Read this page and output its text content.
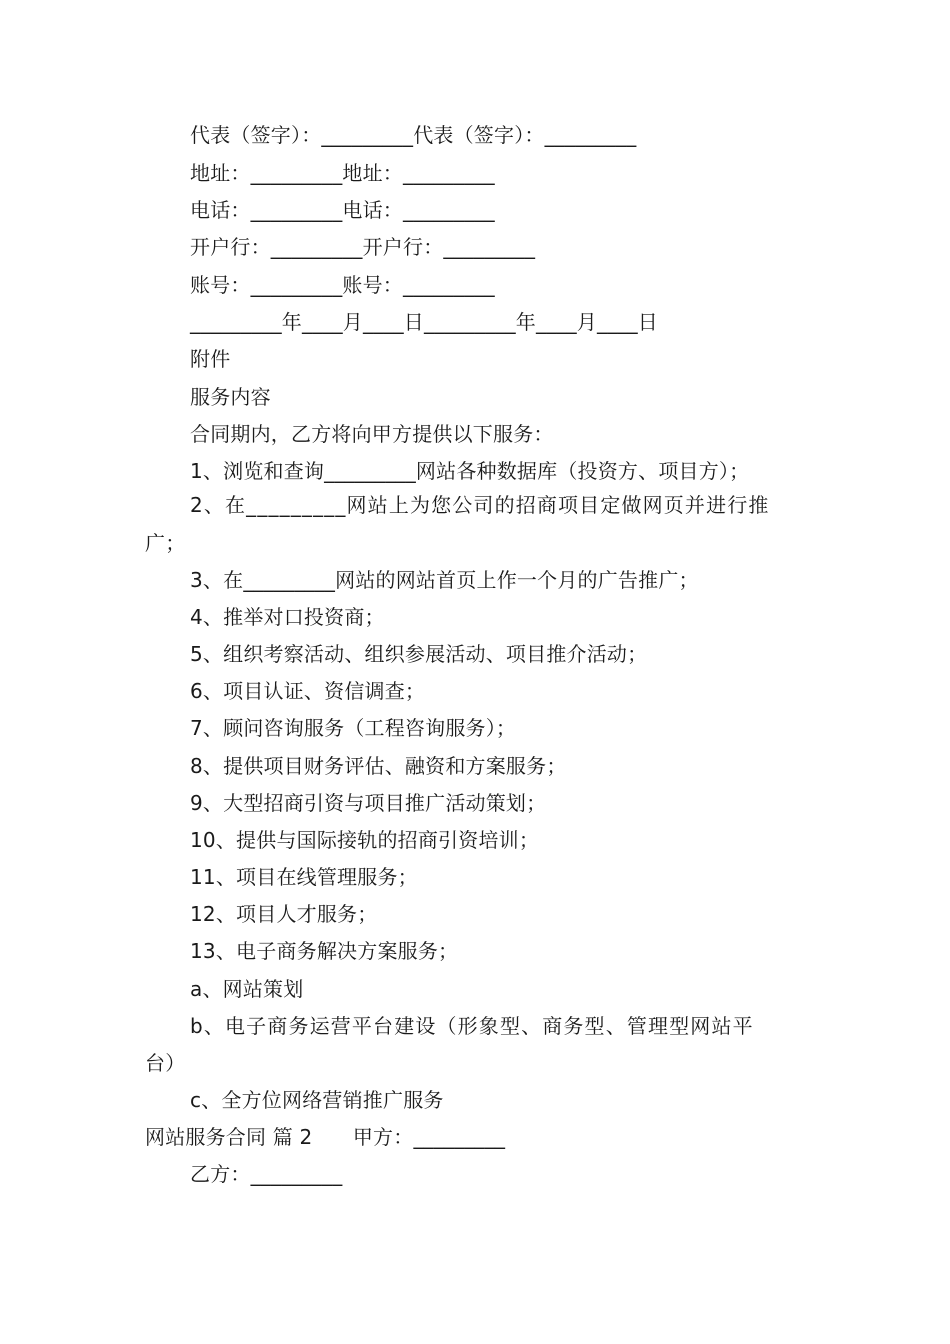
代表（签字）：_________代表（签字）：_________
地址：_________地址：_________
电话：_________电话：_________
开户行：_________开户行：_________
账号：_________账号：_________
_________年____月____日_________年____月____日
附件
服务内容
合同期内，乙方将向甲方提供以下服务：
1、浏览和查询_________网站各种数据库（投资方、项目方）；
2、在_________网站上为您公司的招商项目定做网页并进行推
广；
3、在_________网站的网站首页上作一个月的广告推广；
4、推举对口投资商；
5、组织考察活动、组织参展活动、项目推介活动；
6、项目认证、资信调查；
7、顾问咨询服务（工程咨询服务）；
8、提供项目财务评估、融资和方案服务；
9、大型招商引资与项目推广活动策划；
10、提供与国际接轨的招商引资培训；
11、项目在线管理服务；
12、项目人才服务；
13、电子商务解决方案服务；
a、网站策划
b、电子商务运营平台建设（形象型、商务型、管理型网站平
台）
c、全方位网络营销推广服务
网站服务合同 篇 2　　甲方：_________
乙方：_________
